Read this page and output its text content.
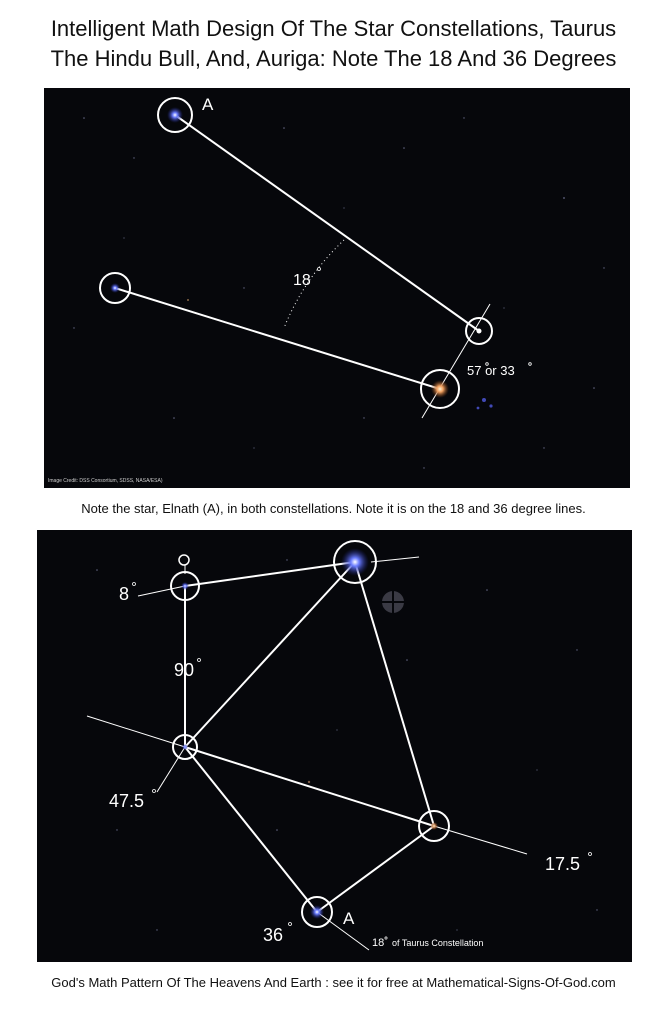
Intelligent Math Design Of The Star Constellations, Taurus
The Hindu Bull, And, Auriga: Note The 18 And 36 Degrees
A
18
57 or 33
Image Credit: DSS Consortium, SDSS, NASA/ESA)
Note the star, Elnath (A), in both constellations. Note it is on the 18 and 36 degree lines.
8
90
47.5
17.5
36
A
18 of Taurus Constellation
God's Math Pattern Of The Heavens And Earth : see it for free at Mathematical-Signs-Of-God.com
